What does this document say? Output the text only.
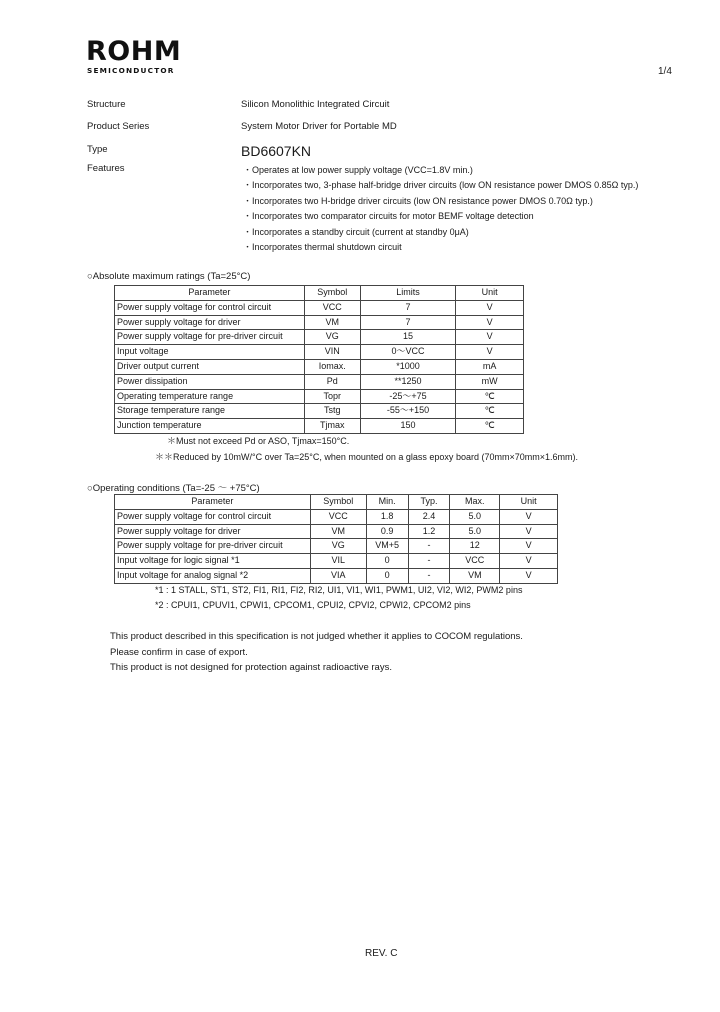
ROHM
SEMICONDUCTOR	1/4
Structure	Silicon Monolithic Integrated Circuit
Product Series	System Motor Driver for Portable MD
Type	BD6607KN
Features	・Operates at low power supply voltage (VCC=1.8V min.)
・Incorporates two, 3-phase half-bridge driver circuits (low ON resistance power DMOS 0.85Ω typ.)
・Incorporates two H-bridge driver circuits (low ON resistance power DMOS 0.70Ω typ.)
・Incorporates two comparator circuits for motor BEMF voltage detection
・Incorporates a standby circuit (current at standby 0μA)
・Incorporates thermal shutdown circuit
○Absolute maximum ratings (Ta=25°C)
Parameter	Symbol	Limits	Unit
Power supply voltage for control circuit	VCC	7	V
Power supply voltage for driver	VM	7	V
Power supply voltage for pre-driver circuit	VG	15	V
Input voltage	VIN	0～VCC	V
Driver output current	Iomax.	*1000	mA
Power dissipation	Pd	**1250	mW
Operating temperature range	Topr	-25～+75	℃
Storage temperature range	Tstg	-55～+150	℃
Junction temperature	Tjmax	150	℃
＊Must not exceed Pd or ASO, Tjmax=150°C.
＊＊Reduced by 10mW/°C over Ta=25°C, when mounted on a glass epoxy board (70mm×70mm×1.6mm).
○Operating conditions (Ta=-25 ～ +75°C)
Parameter	Symbol	Min.	Typ.	Max.	Unit
Power supply voltage for control circuit	VCC	1.8	2.4	5.0	V
Power supply voltage for driver	VM	0.9	1.2	5.0	V
Power supply voltage for pre-driver circuit	VG	VM+5	-	12	V
Input voltage for logic signal *1	VIL	0	-	VCC	V
Input voltage for analog signal *2	VIA	0	-	VM	V
*1 : 1 STALL, ST1, ST2, FI1, RI1, FI2, RI2, UI1, VI1, WI1, PWM1, UI2, VI2, WI2, PWM2 pins
*2 : CPUI1, CPUVI1, CPWI1, CPCOM1, CPUI2, CPVI2, CPWI2, CPCOM2 pins
This product described in this specification is not judged whether it applies to COCOM regulations.
Please confirm in case of export.
This product is not designed for protection against radioactive rays.
REV. C
